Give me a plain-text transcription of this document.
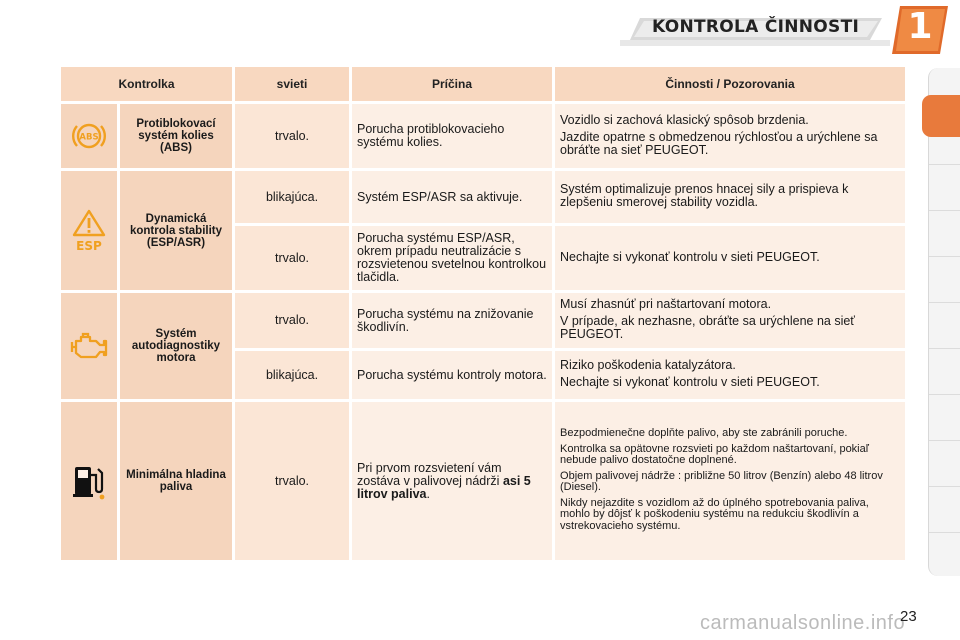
KONTROLA ČINNOSTI	1
Kontrolka		svieti	Príčina	Činnosti / Pozorovania

ABS	Protiblokovací systém kolies (ABS)	trvalo.	Porucha protiblokovacieho systému kolies.	Vozidlo si zachová klasický spôsob brzdenia.

Jazdite opatrne s obmedzenou rýchlosťou a urýchlene sa obráťte na sieť PEUGEOT.

ESP	Dynamická kontrola stability (ESP/ASR)	blikajúca.	Systém ESP/ASR sa aktivuje.	Systém optimalizuje prenos hnacej sily a prispieva k zlepšeniu smerovej stability vozidla.

		trvalo.	Porucha systému ESP/ASR, okrem prípadu neutralizácie s rozsvietenou svetelnou kontrolkou tlačidla.	Nechajte si vykonať kontrolu v sieti PEUGEOT.

	Systém autodiagnostiky motora	trvalo.	Porucha systému na znižovanie škodlivín.	Musí zhasnúť pri naštartovaní motora.

V prípade, ak nezhasne, obráťte sa urýchlene na sieť PEUGEOT.

		blikajúca.	Porucha systému kontroly motora.	Riziko poškodenia katalyzátora.

Nechajte si vykonať kontrolu v sieti PEUGEOT.

	Minimálna hladina paliva	trvalo.	Pri prvom rozsvietení vám zostáva v palivovej nádrži asi 5 litrov paliva.	Bezpodmienečne doplňte palivo, aby ste zabránili poruche.

Kontrolka sa opätovne rozsvieti po každom naštartovaní, pokiaľ nebude palivo dostatočne doplnené.

Objem palivovej nádrže : približne 50 litrov (Benzín) alebo 48 litrov (Diesel).

Nikdy nejazdite s vozidlom až do úplného spotrebovania paliva, mohlo by dôjsť k poškodeniu systému na redukciu škodlivín a vstrekovacieho systému.

carmanualsonline.info
23
